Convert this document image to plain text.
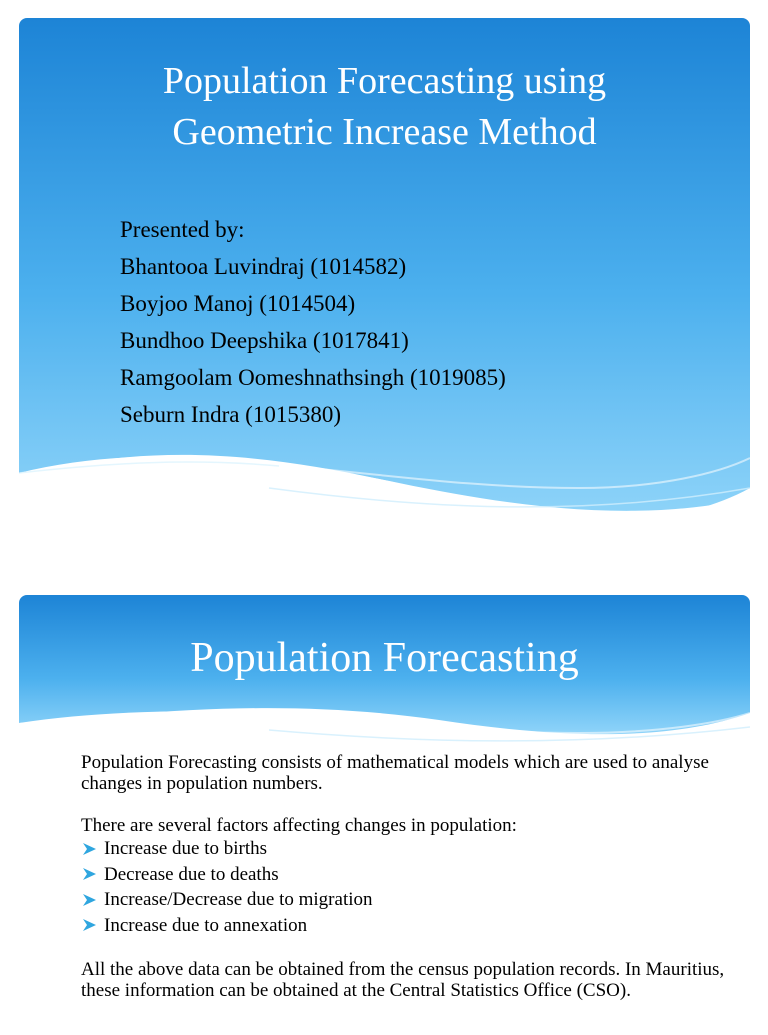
Population Forecasting using
Geometric Increase Method
Presented by:
Bhantooa Luvindraj (1014582)
Boyjoo Manoj (1014504)
Bundhoo Deepshika (1017841)
Ramgoolam Oomeshnathsingh (1019085)
Seburn Indra (1015380)
Population Forecasting

Population Forecasting consists of mathematical models which are used to analyse changes in population numbers.

There are several factors affecting changes in population:

Increase due to births
Decrease due to deaths
Increase/Decrease due to migration
Increase due to annexation

All the above data can be obtained from the census population records. In Mauritius, these information can be obtained at the Central Statistics Office (CSO).
